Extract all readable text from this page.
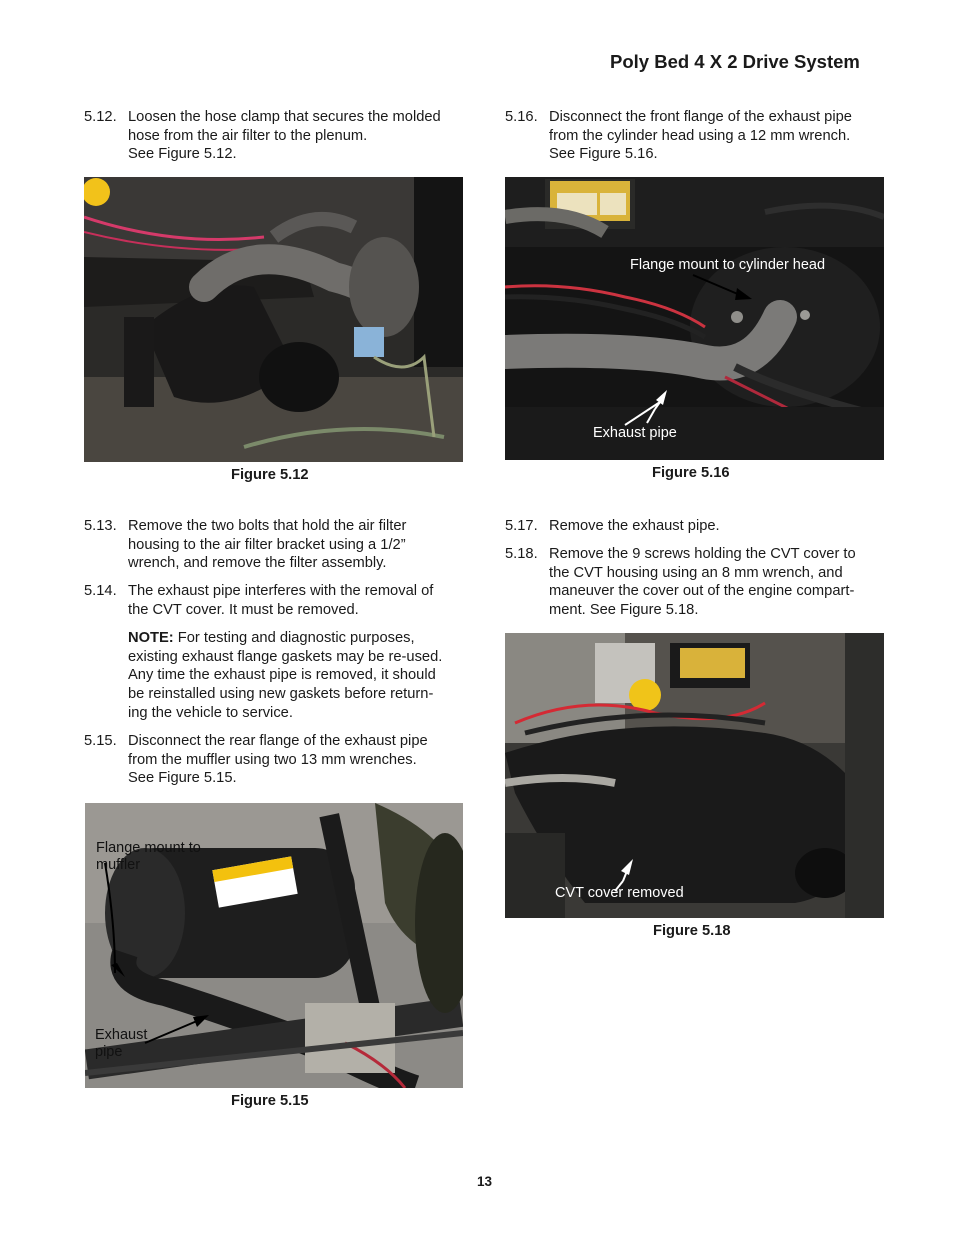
Poly Bed 4 X 2 Drive System
5.12. Loosen the hose clamp that secures the molded
hose from the air filter to the plenum.
See Figure 5.12.
Figure 5.12
5.13. Remove the two bolts that hold the air filter
housing to the air filter bracket using a 1/2”
wrench, and remove the filter assembly.
5.14. The exhaust pipe interferes with the removal of
the CVT cover. It must be removed.
NOTE: For testing and diagnostic purposes,
existing exhaust flange gaskets may be re-used.
Any time the exhaust pipe is removed, it should
be reinstalled using new gaskets before return-
ing the vehicle to service.
5.15. Disconnect the rear flange of the exhaust pipe
from the muffler using two 13 mm wrenches.
See Figure 5.15.
Flange mount to
muffler
Exhaust
pipe
Figure 5.15
5.16. Disconnect the front flange of the exhaust pipe
from the cylinder head using a 12 mm wrench.
See Figure 5.16.
Flange mount to cylinder head
Exhaust pipe
Figure 5.16
5.17. Remove the exhaust pipe.
5.18. Remove the 9 screws holding the CVT cover to
the CVT housing using an 8 mm wrench, and
maneuver the cover out of the engine compart-
ment. See Figure 5.18.
CVT cover removed
Figure 5.18
13
